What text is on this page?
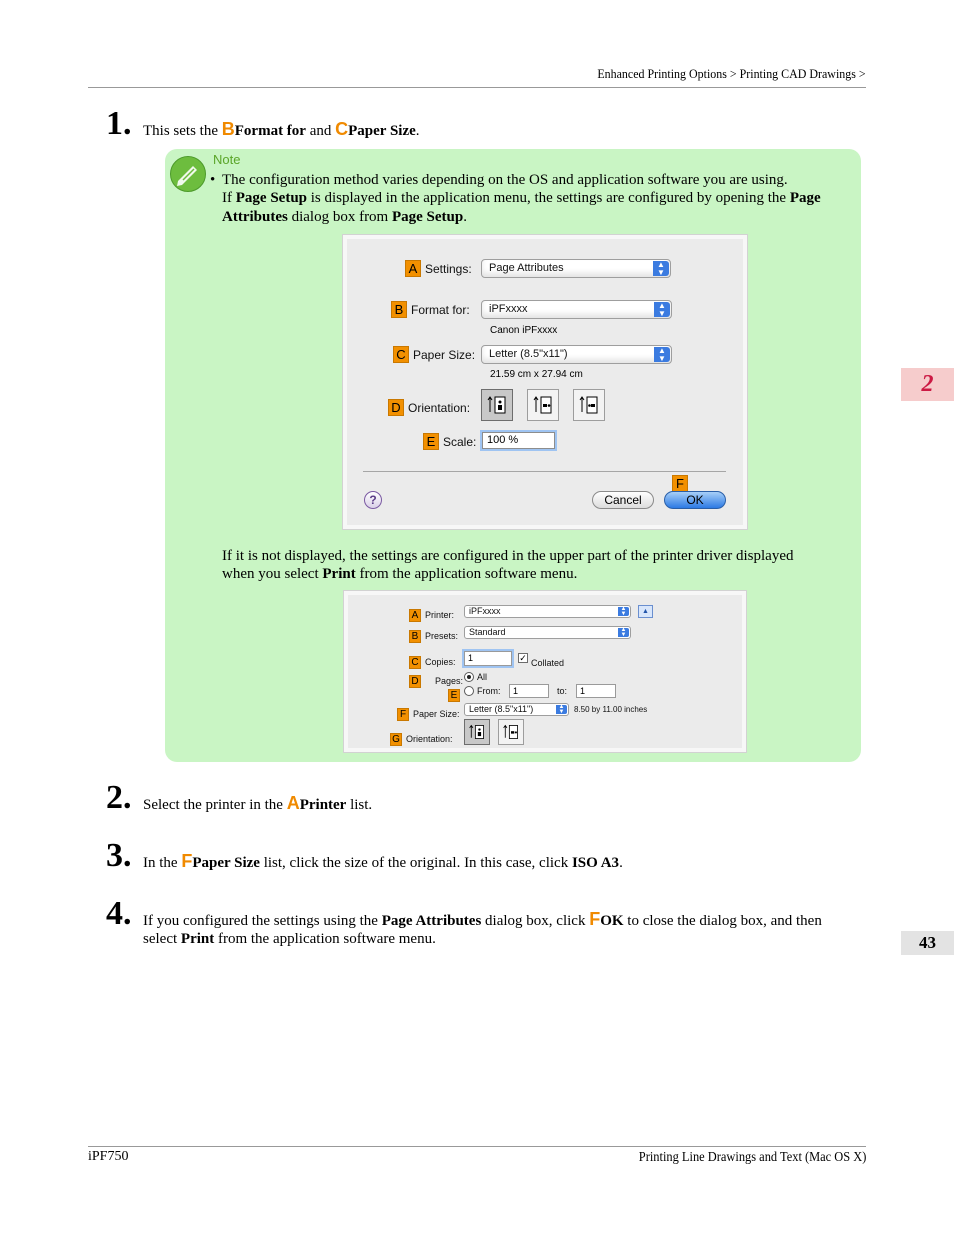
Enhanced Printing Options > Printing CAD Drawings >
2
43
1. This sets the BFormat for and CPaper Size.
Note
• The configuration method varies depending on the OS and application software you are using.
If Page Setup is displayed in the application menu, the settings are configured by opening the Page
Attributes dialog box from Page Setup.
A Settings:	Page Attributes	▲
▼
B Format for:	iPFxxxx	▲
▼
Canon iPFxxxx
C Paper Size:	Letter (8.5"x11")	▲
▼
21.59 cm x 27.94 cm
D Orientation:
E Scale: 100 %
?	Cancel
F
OK
If it is not displayed, the settings are configured in the upper part of the printer driver displayed
when you select Print from the application software menu.
A Printer:	iPFxxxx	▲
▼	▲
B Presets:	Standard	▲
▼
C Copies:	1	✓ Collated
D Pages: All
E From:	1	to:	1
F Paper Size:	Letter (8.5"x11")	▲
▼	8.50 by 11.00 inches
G Orientation:
2. Select the printer in the APrinter list.
3. In the FPaper Size list, click the size of the original. In this case, click ISO A3.
4. If you configured the settings using the Page Attributes dialog box, click FOK to close the dialog box, and then
select Print from the application software menu.
iPF750	Printing Line Drawings and Text (Mac OS X)
